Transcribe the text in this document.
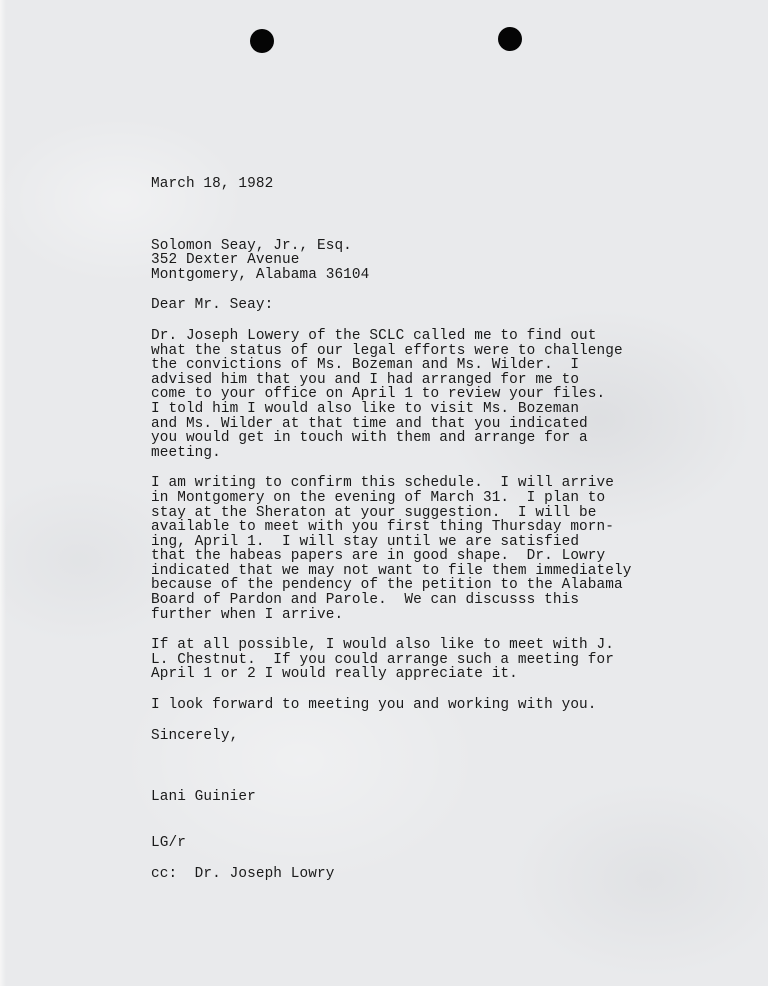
March 18, 1982
Solomon Seay, Jr., Esq.
352 Dexter Avenue
Montgomery, Alabama 36104
Dear Mr. Seay:
Dr. Joseph Lowery of the SCLC called me to find out
what the status of our legal efforts were to challenge
the convictions of Ms. Bozeman and Ms. Wilder.  I
advised him that you and I had arranged for me to
come to your office on April 1 to review your files.
I told him I would also like to visit Ms. Bozeman
and Ms. Wilder at that time and that you indicated
you would get in touch with them and arrange for a
meeting.
I am writing to confirm this schedule.  I will arrive
in Montgomery on the evening of March 31.  I plan to
stay at the Sheraton at your suggestion.  I will be
available to meet with you first thing Thursday morn-
ing, April 1.  I will stay until we are satisfied
that the habeas papers are in good shape.  Dr. Lowry
indicated that we may not want to file them immediately
because of the pendency of the petition to the Alabama
Board of Pardon and Parole.  We can discusss this
further when I arrive.
If at all possible, I would also like to meet with J.
L. Chestnut.  If you could arrange such a meeting for
April 1 or 2 I would really appreciate it.
I look forward to meeting you and working with you.
Sincerely,
Lani Guinier
LG/r
cc:  Dr. Joseph Lowry
